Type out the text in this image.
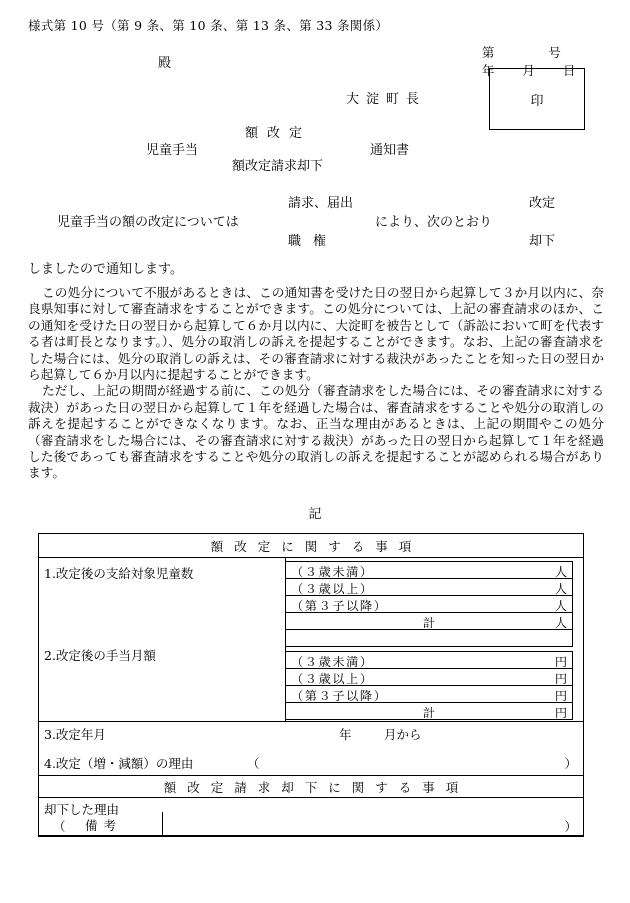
様式第 10 号（第 9 条、第 10 条、第 13 条、第 33 条関係）

第	号

年 月 日

殿
大淀町長

	印

児童手当
額改定
額改定請求却下
通知書
児童手当の額の改定については
請求、届出
職権
により、次のとおり
改定
却下
しましたので通知します。

この処分について不服があるときは、この通知書を受けた日の翌日から起算して３か月以内に、奈良県知事に対して審査請求をすることができます。この処分については、上記の審査請求のほか、この通知を受けた日の翌日から起算して６か月以内に、大淀町を被告として（訴訟において町を代表する者は町長となります。）、処分の取消しの訴えを提起することができます。なお、上記の審査請求をした場合には、処分の取消しの訴えは、その審査請求に対する裁決があったことを知った日の翌日から起算して６か月以内に提起することができます。

ただし、上記の期間が経過する前に、この処分（審査請求をした場合には、その審査請求に対する裁決）があった日の翌日から起算して１年を経過した場合は、審査請求をすることや処分の取消しの訴えを提起することができなくなります。なお、正当な理由があるときは、上記の期間やこの処分（審査請求をした場合には、その審査請求に対する裁決）があった日の翌日から起算して１年を経過した後であっても審査請求をすることや処分の取消しの訴えを提起することが認められる場合があります。

記
額改定に関する事項
1.改定後の支給対象児童数
2.改定後の手当月額
（３歳未満）	人
（３歳以上）	人
（第３子以降）	人
計	人
（３歳未満）	円
（３歳以上）	円
（第３子以降）	円
計	円
3.改定年月	年	月から
4.改定（増・減額）の理由	（	）
額改定請求却下に関する事項
却下した理由
（	）
備考
